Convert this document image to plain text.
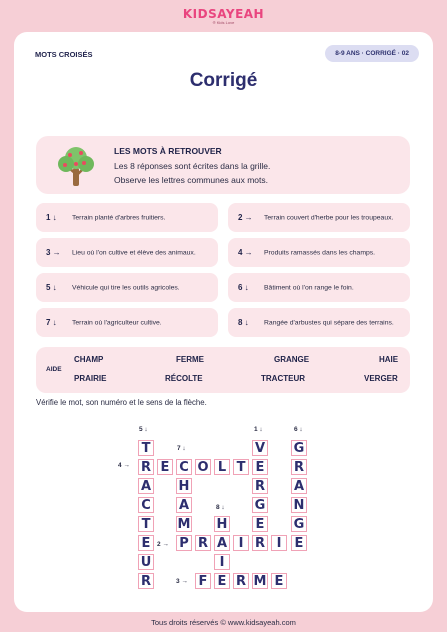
KIDSAYEAH
® Kids Love
MOTS CROISÉS	8-9 ANS · CORRIGÉ · 02
Corrigé
LES MOTS À RETROUVER
Les 8 réponses sont écrites dans la grille.
Observe les lettres communes aux mots.
1 ↓ Terrain planté d'arbres fruitiers.	2 → Terrain couvert d'herbe pour les troupeaux.
3 → Lieu où l'on cultive et élève des animaux.	4 → Produits ramassés dans les champs.
5 ↓ Véhicule qui tire les outils agricoles.	6 ↓ Bâtiment où l'on range le foin.
7 ↓ Terrain où l'agriculteur cultive.	8 ↓ Rangée d'arbustes qui sépare des terrains.
AIDE
CHAMP	FERME	GRANGE	HAIE
PRAIRIE	RÉCOLTE	TRACTEUR	VERGER
Vérifie le mot, son numéro et le sens de la flèche.
5 ↓
7 ↓
1 ↓	6 ↓
4 →
8 ↓
2 →
3 →
T
R
A
C
T
E
U
R
E C O L T E
H
A
M
P
V
R
G
E
R
G
R
A
N
G
E
H
A
I
E
R	I	I
F R M E
Tous droits réservés © www.kidsayeah.com
